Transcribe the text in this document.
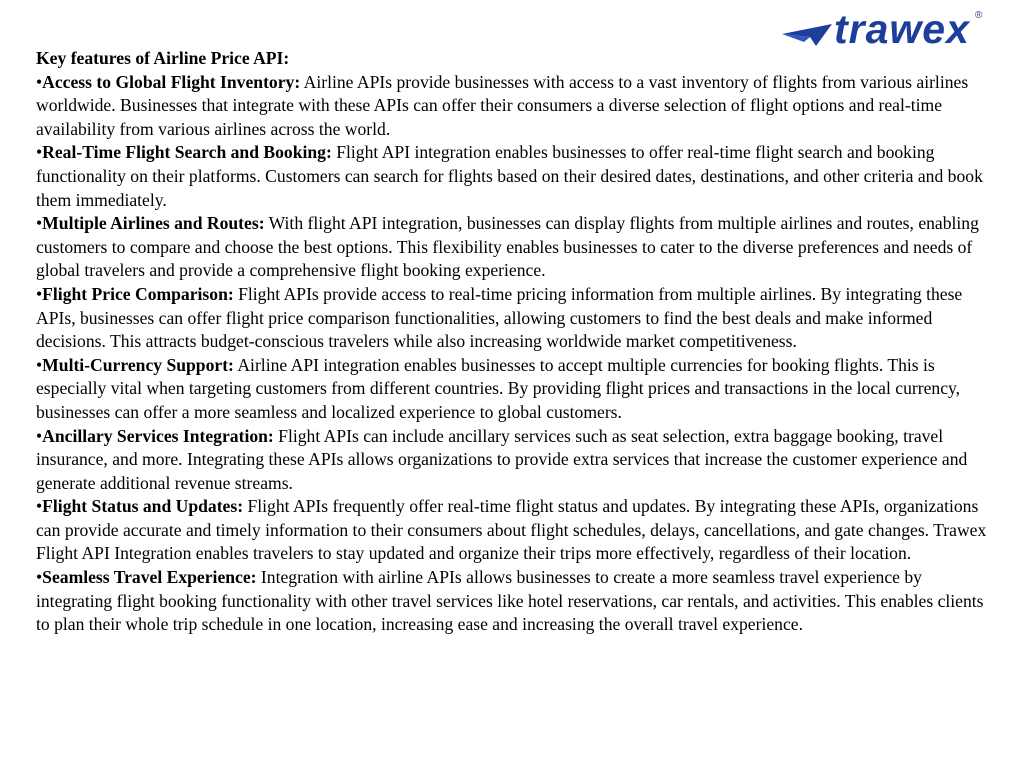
trawex ®

Key features of Airline Price API:

•Access to Global Flight Inventory: Airline APIs provide businesses with access to a vast inventory of flights from various airlines worldwide. Businesses that integrate with these APIs can offer their consumers a diverse selection of flight options and real-time availability from various airlines across the world.

•Real-Time Flight Search and Booking: Flight API integration enables businesses to offer real-time flight search and booking functionality on their platforms. Customers can search for flights based on their desired dates, destinations, and other criteria and book them immediately.

•Multiple Airlines and Routes: With flight API integration, businesses can display flights from multiple airlines and routes, enabling customers to compare and choose the best options. This flexibility enables businesses to cater to the diverse preferences and needs of global travelers and provide a comprehensive flight booking experience.

•Flight Price Comparison: Flight APIs provide access to real-time pricing information from multiple airlines. By integrating these APIs, businesses can offer flight price comparison functionalities, allowing customers to find the best deals and make informed decisions. This attracts budget-conscious travelers while also increasing worldwide market competitiveness.

•Multi-Currency Support: Airline API integration enables businesses to accept multiple currencies for booking flights. This is especially vital when targeting customers from different countries. By providing flight prices and transactions in the local currency, businesses can offer a more seamless and localized experience to global customers.

•Ancillary Services Integration: Flight APIs can include ancillary services such as seat selection, extra baggage booking, travel insurance, and more. Integrating these APIs allows organizations to provide extra services that increase the customer experience and generate additional revenue streams.

•Flight Status and Updates: Flight APIs frequently offer real-time flight status and updates. By integrating these APIs, organizations can provide accurate and timely information to their consumers about flight schedules, delays, cancellations, and gate changes. Trawex Flight API Integration enables travelers to stay updated and organize their trips more effectively, regardless of their location.

•Seamless Travel Experience: Integration with airline APIs allows businesses to create a more seamless travel experience by integrating flight booking functionality with other travel services like hotel reservations, car rentals, and activities. This enables clients to plan their whole trip schedule in one location, increasing ease and increasing the overall travel experience.
